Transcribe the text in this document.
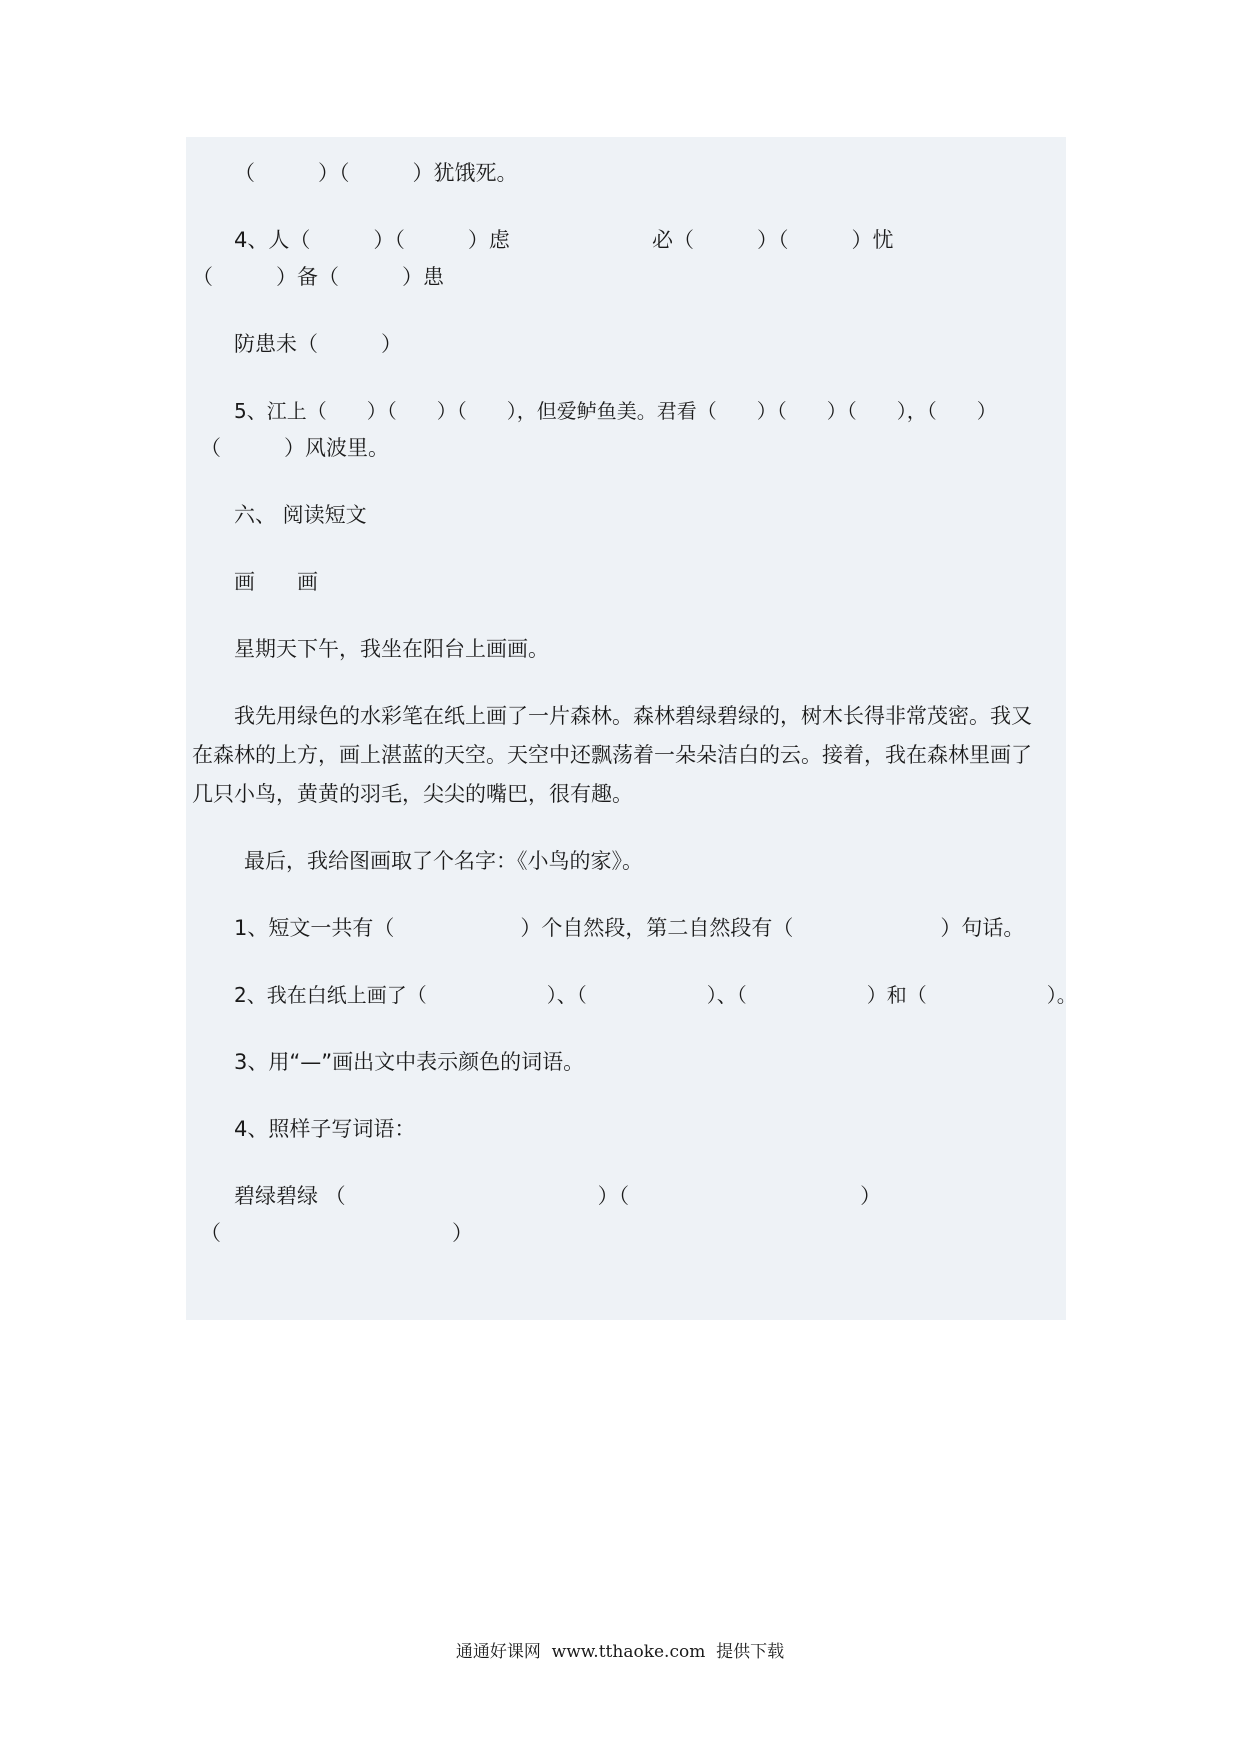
（　　　）（　　　）犹饿死。

4、人（　　　）（　　　）虑	必（　　　）（　　　）忧

（　　　）备（　　　）患

防患未（　　　）

5、江上（　　）（　　）（　　），但爱鲈鱼美。君看（　　）（　　）（　　），（　　）

（　　　）风波里。

六、 阅读短文

画　　画

星期天下午，我坐在阳台上画画。

我先用绿色的水彩笔在纸上画了一片森林。森林碧绿碧绿的，树木长得非常茂密。我又

在森林的上方，画上湛蓝的天空。天空中还飘荡着一朵朵洁白的云。接着，我在森林里画了

几只小鸟，黄黄的羽毛，尖尖的嘴巴，很有趣。

最后，我给图画取了个名字：《小鸟的家》。

1、短文一共有（　　　　　　）个自然段，第二自然段有（　　　　　　　）句话。

2、我在白纸上画了（　　　　　　）、（　　　　　　）、（　　　　　　）和（　　　　　　）。

3、用“—”画出文中表示颜色的词语。

4、照样子写词语：

碧绿碧绿 （　　　　　　　　　　　　）（　　　　　　　　　　　）

（　　　　　　　　　　　）

通通好课网  www.tthaoke.com  提供下载
